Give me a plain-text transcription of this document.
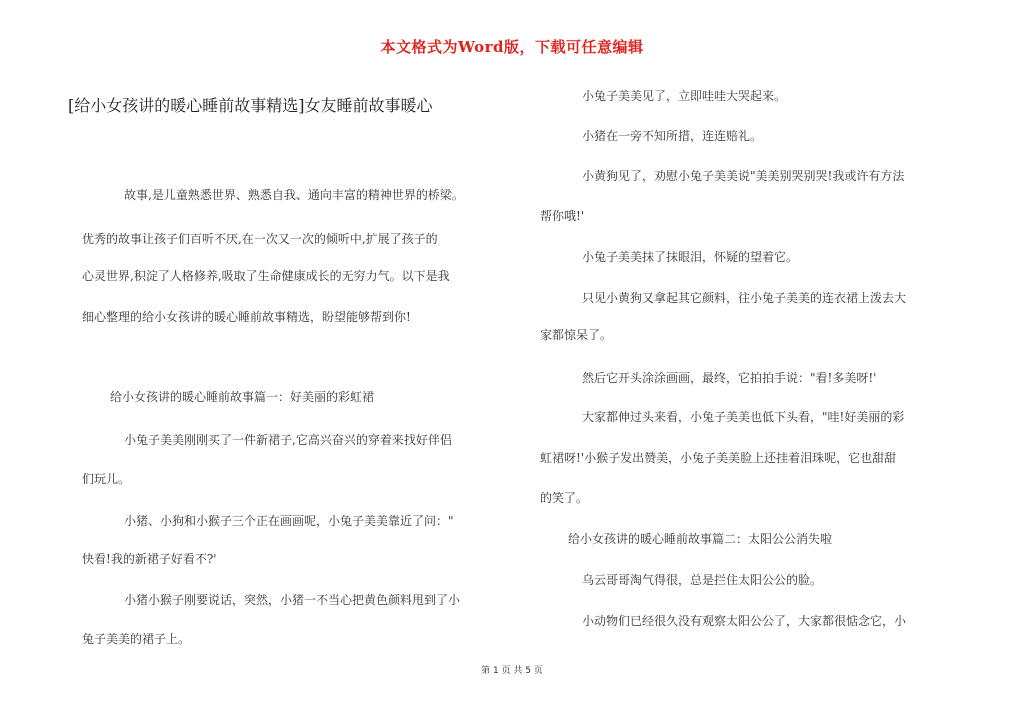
本文格式为Word版，下载可任意编辑
[给小女孩讲的暖心睡前故事精选]女友睡前故事暖心

故事,是儿童熟悉世界、熟悉自我、通向丰富的精神世界的桥梁。

优秀的故事让孩子们百听不厌,在一次又一次的倾听中,扩展了孩子的

心灵世界,积淀了人格修养,吸取了生命健康成长的无穷力气。以下是我

细心整理的给小女孩讲的暖心睡前故事精选，盼望能够帮到你!

给小女孩讲的暖心睡前故事篇一：好美丽的彩虹裙

小兔子美美刚刚买了一件新裙子,它高兴奋兴的穿着来找好伴侣

们玩儿。

小猪、小狗和小猴子三个正在画画呢，小兔子美美靠近了问："

快看!我的新裙子好看不?'

小猪小猴子刚要说话，突然，小猪一不当心把黄色颜料甩到了小

兔子美美的裙子上。

小兔子美美见了，立即哇哇大哭起来。

小猪在一旁不知所措，连连赔礼。

小黄狗见了，劝慰小兔子美美说"美美别哭别哭!我或许有方法

帮你哦!'

小兔子美美抹了抹眼泪，怀疑的望着它。

只见小黄狗又拿起其它颜料，往小兔子美美的连衣裙上泼去大

家都惊呆了。

然后它开头涂涂画画，最终，它拍拍手说："看!多美呀!'

大家都伸过头来看，小兔子美美也低下头看，"哇!好美丽的彩

虹裙呀!'小猴子发出赞美，小兔子美美脸上还挂着泪珠呢，它也甜甜

的笑了。

给小女孩讲的暖心睡前故事篇二：太阳公公消失啦

乌云哥哥淘气得很，总是拦住太阳公公的脸。

小动物们已经很久没有观察太阳公公了，大家都很惦念它，小

第 1 页 共 5 页
